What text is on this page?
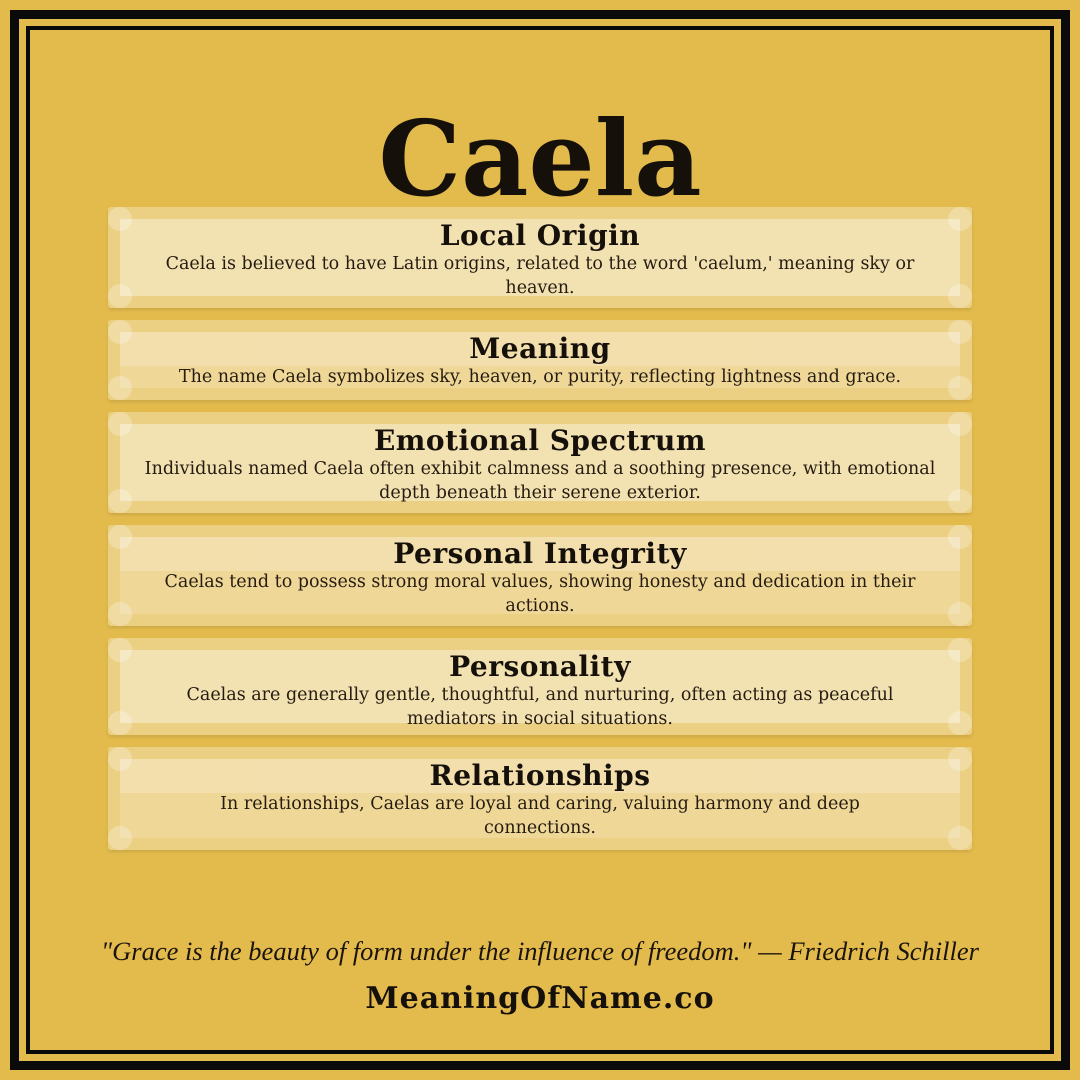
Caela
Local Origin

Caela is believed to have Latin origins, related to the word 'caelum,' meaning sky or heaven.

Meaning

The name Caela symbolizes sky, heaven, or purity, reflecting lightness and grace.

Emotional Spectrum

Individuals named Caela often exhibit calmness and a soothing presence, with emotional depth beneath their serene exterior.

Personal Integrity

Caelas tend to possess strong moral values, showing honesty and dedication in their actions.

Personality

Caelas are generally gentle, thoughtful, and nurturing, often acting as peaceful mediators in social situations.

Relationships

In relationships, Caelas are loyal and caring, valuing harmony and deep connections.

"Grace is the beauty of form under the influence of freedom." — Friedrich Schiller
MeaningOfName.co
